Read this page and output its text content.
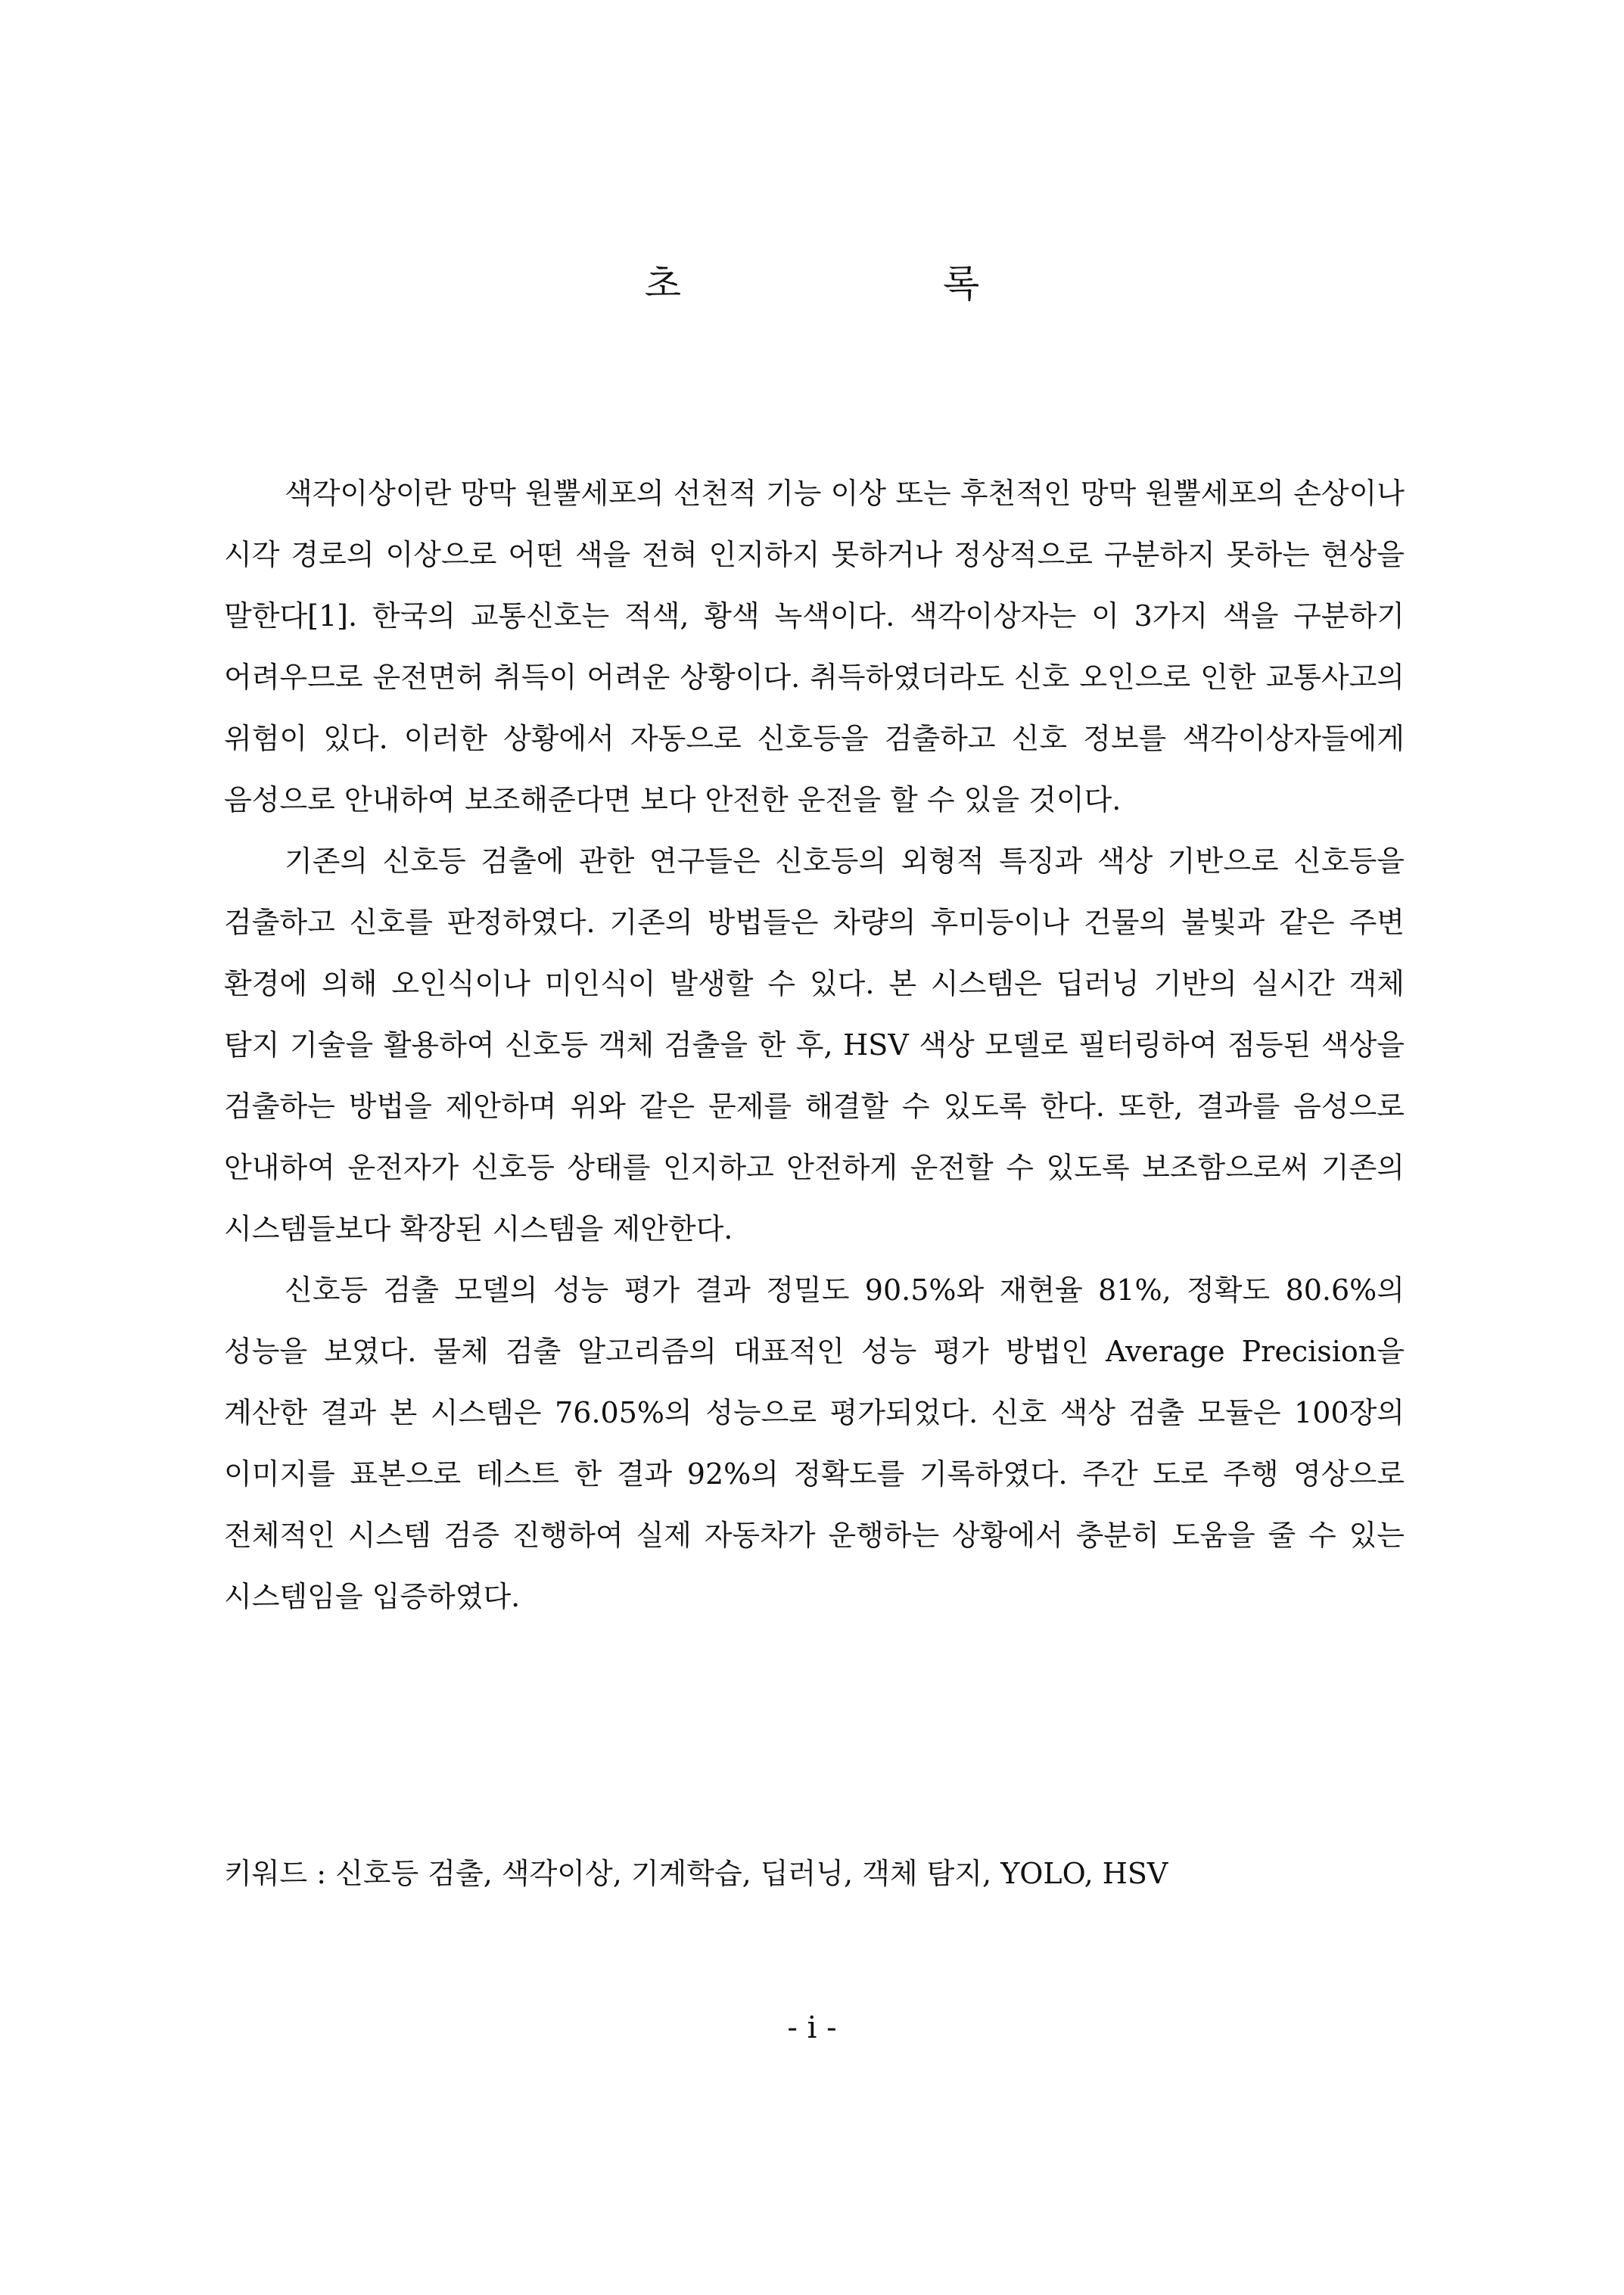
초 록

색각이상이란 망막 원뿔세포의 선천적 기능 이상 또는 후천적인 망막 원뿔세포의 손상이나 시각 경로의 이상으로 어떤 색을 전혀 인지하지 못하거나 정상적으로 구분하지 못하는 현상을 말한다[1]. 한국의 교통신호는 적색, 황색 녹색이다. 색각이상자는 이 3가지 색을 구분하기 어려우므로 운전면허 취득이 어려운 상황이다. 취득하였더라도 신호 오인으로 인한 교통사고의 위험이 있다. 이러한 상황에서 자동으로 신호등을 검출하고 신호 정보를 색각이상자들에게 음성으로 안내하여 보조해준다면 보다 안전한 운전을 할 수 있을 것이다.

기존의 신호등 검출에 관한 연구들은 신호등의 외형적 특징과 색상 기반으로 신호등을 검출하고 신호를 판정하였다. 기존의 방법들은 차량의 후미등이나 건물의 불빛과 같은 주변 환경에 의해 오인식이나 미인식이 발생할 수 있다. 본 시스템은 딥러닝 기반의 실시간 객체 탐지 기술을 활용하여 신호등 객체 검출을 한 후, HSV 색상 모델로 필터링하여 점등된 색상을 검출하는 방법을 제안하며 위와 같은 문제를 해결할 수 있도록 한다. 또한, 결과를 음성으로 안내하여 운전자가 신호등 상태를 인지하고 안전하게 운전할 수 있도록 보조함으로써 기존의 시스템들보다 확장된 시스템을 제안한다.

신호등 검출 모델의 성능 평가 결과 정밀도 90.5%와 재현율 81%, 정확도 80.6%의 성능을 보였다. 물체 검출 알고리즘의 대표적인 성능 평가 방법인 Average Precision을 계산한 결과 본 시스템은 76.05%의 성능으로 평가되었다. 신호 색상 검출 모듈은 100장의 이미지를 표본으로 테스트 한 결과 92%의 정확도를 기록하였다. 주간 도로 주행 영상으로 전체적인 시스템 검증 진행하여 실제 자동차가 운행하는 상황에서 충분히 도움을 줄 수 있는 시스템임을 입증하였다.

키워드 : 신호등 검출, 색각이상, 기계학습, 딥러닝, 객체 탐지, YOLO, HSV
- i -
